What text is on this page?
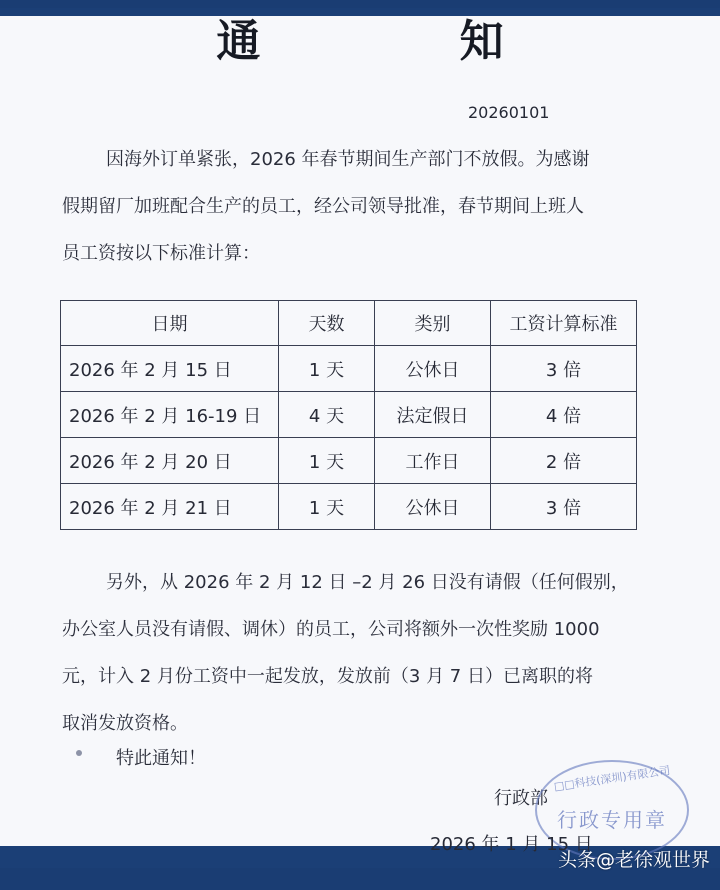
通 知
20260101
因海外订单紧张，2026 年春节期间生产部门不放假。为感谢
假期留厂加班配合生产的员工，经公司领导批准，春节期间上班人
员工资按以下标准计算：
日期	天数	类别	工资计算标准
2026 年 2 月 15 日	1 天	公休日	3 倍
2026 年 2 月 16-19 日	4 天	法定假日	4 倍
2026 年 2 月 20 日	1 天	工作日	2 倍
2026 年 2 月 21 日	1 天	公休日	3 倍
另外，从 2026 年 2 月 12 日 –2 月 26 日没有请假（任何假别，
办公室人员没有请假、调休）的员工，公司将额外一次性奖励 1000
元，计入 2 月份工资中一起发放，发放前（3 月 7 日）已离职的将
取消发放资格。
特此通知！
行政部
□□科技(深圳)有限公司
行政专用章
2026 年 1 月 15 日
头条@老徐观世界
